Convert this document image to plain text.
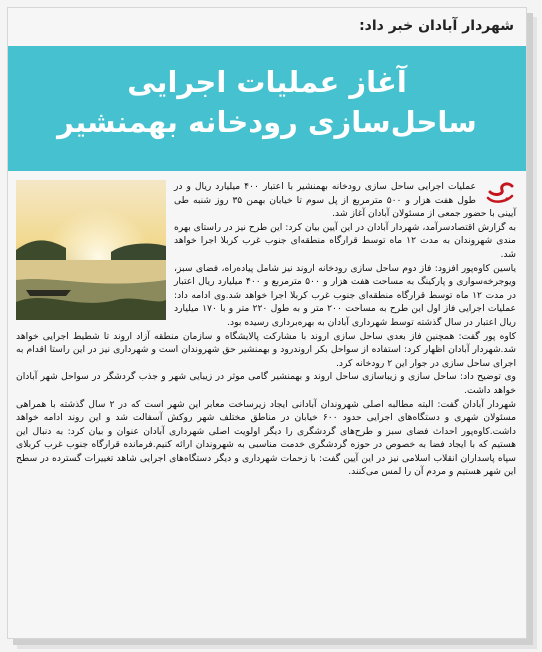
شهردار آبادان خبر داد:
آغاز عملیات اجرایی
ساحل‌سازی رودخانه بهمنشیر

عملیات اجرایی ساحل سازی رودخانه بهمنشیر با اعتبار ۴۰۰ میلیارد ریال و در طول هفت هزار و ۵۰۰ مترمربع از پل سوم تا خیابان بهمن ۳۵ روز شنبه طی آیینی با حضور جمعی از مسئولان آبادان آغاز شد.

به گزارش اقتصادسرآمد، شهردار آبادان در این آیین بیان کرد: این طرح نیز در راستای بهره مندی شهروندان به مدت ۱۲ ماه توسط قرارگاه منطقه‌ای جنوب غرب کربلا اجرا خواهد شد.

یاسین کاوه‌پور افزود: فاز دوم ساحل سازی رودخانه اروند نیز شامل پیاده‌راه، فضای سبز، ویوجرخه‌سواری و پارکینگ به مساحت هفت هزار و ۵۰۰ مترمربع و ۴۰۰ میلیارد ریال اعتبار در مدت ۱۲ ماه توسط قرارگاه منطقه‌ای جنوب غرب کربلا اجرا خواهد شد.وی ادامه داد: عملیات اجرایی فاز اول این طرح به مساحت ۲۰۰ متر و به طول ۲۲۰ متر و با ۱۷۰ میلیارد ریال اعتبار در سال گذشته توسط شهرداری آبادان به بهره‌برداری رسیده بود.

کاوه پور گفت: همچنین فاز بعدی ساحل سازی اروند با مشارکت پالایشگاه و سازمان منطقه آزاد اروند تا شطیط اجرایی خواهد شد.شهردار آبادان اظهار کرد: استفاده از سواحل بکر اروندرود و بهمنشیر حق شهروندان است و شهرداری نیز در این راستا اقدام به اجرای ساحل سازی در جوار این ۲ رودخانه کرد.

وی توضیح داد: ساحل سازی و زیباسازی ساحل اروند و بهمنشیر گامی موثر در زیبایی شهر و جذب گردشگر در سواحل شهر آبادان خواهد داشت.

شهردار آبادان گفت: البته مطالبه اصلی شهروندان آبادانی ایجاد زیرساخت معابر این شهر است که در ۲ سال گذشته با همراهی مسئولان شهری و دستگاه‌های اجرایی حدود ۶۰۰ خیابان در مناطق مختلف شهر روکش آسفالت شد و این روند ادامه خواهد داشت.کاوه‌پور احداث فضای سبز و طرح‌های گردشگری را دیگر اولویت اصلی شهرداری آبادان عنوان و بیان کرد: به دنبال این هستیم که با ایجاد فضا به خصوص در حوزه گردشگری خدمت مناسبی به شهروندان ارائه کنیم.فرمانده قرارگاه جنوب غرب کربلای سپاه پاسداران انقلاب اسلامی نیز در این آیین گفت: با زحمات شهرداری و دیگر دستگاه‌های اجرایی شاهد تغییرات گسترده در سطح این شهر هستیم و مردم آن را لمس می‌کنند.
